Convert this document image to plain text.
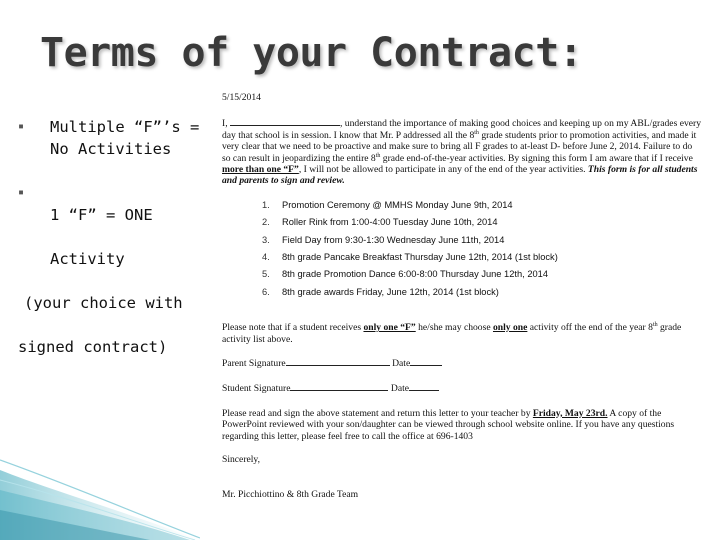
Terms of your Contract:
▪	Multiple “F”’s = No Activities
▪

1 “F” = ONE

Activity

(your choice with

signed contract)

5/15/2014
I,	, understand the importance of making good choices and keeping up on my ABL/grades every day that school is in session. I know that Mr. P addressed all the 8th grade students prior to promotion activities, and made it very clear that we need to be proactive and make sure to bring all F grades to at-least D- before June 2, 2014. Failure to do so can result in jeopardizing the entire 8th grade end-of-the-year activities. By signing this form I am aware that if I receive more than one “F”, I will not be allowed to participate in any of the end of the year activities. This form is for all students and parents to sign and review.
1. Promotion Ceremony @ MMHS Monday June 9th, 2014
2. Roller Rink from 1:00-4:00 Tuesday June 10th, 2014
3. Field Day from 9:30-1:30 Wednesday June 11th, 2014
4. 8th grade Pancake Breakfast Thursday June 12th, 2014 (1st block)
5. 8th grade Promotion Dance 6:00-8:00 Thursday June 12th, 2014
6. 8th grade awards Friday, June 12th, 2014 (1st block)
Please note that if a student receives only one “F” he/she may choose only one activity off the end of the year 8th grade activity list above.
Parent Signature	Date
Student Signature	Date
Please read and sign the above statement and return this letter to your teacher by Friday, May 23rd. A copy of the PowerPoint reviewed with your son/daughter can be viewed through school website online. If you have any questions regarding this letter, please feel free to call the office at 696-1403
Sincerely,
Mr. Picchiottino & 8th Grade Team
